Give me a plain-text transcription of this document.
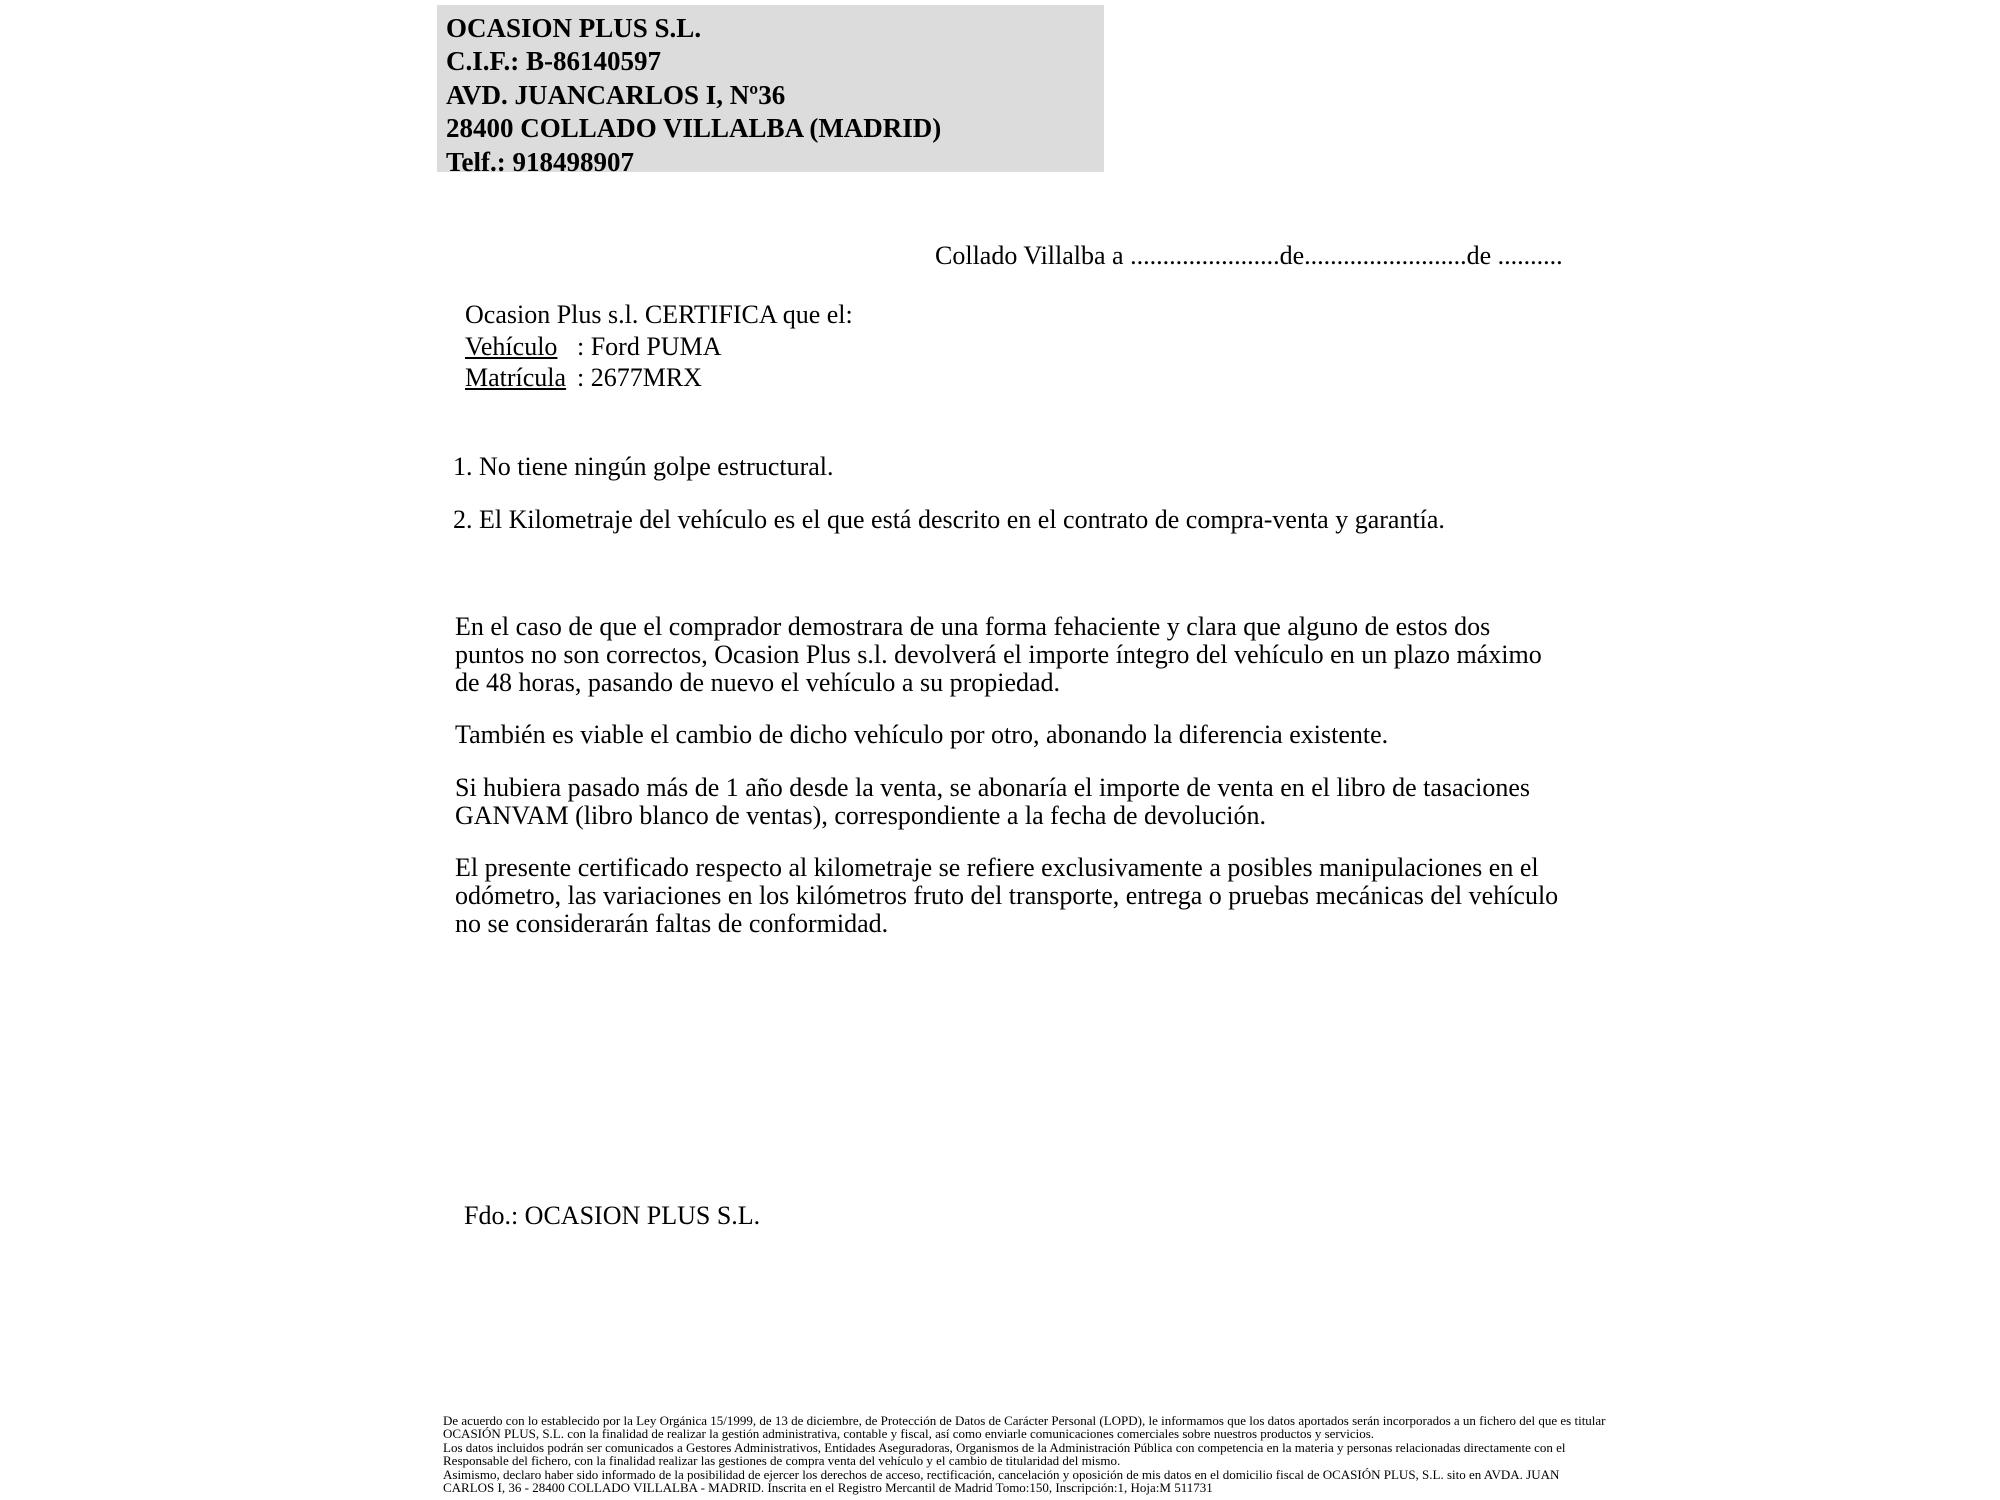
OCASION PLUS S.L.
C.I.F.: B-86140597
AVD. JUANCARLOS I, Nº36
28400 COLLADO VILLALBA (MADRID)
Telf.: 918498907
Collado Villalba a .......................de.........................de ..........
Ocasion Plus s.l. CERTIFICA que el:
Vehículo : Ford PUMA
Matrícula : 2677MRX
1. No tiene ningún golpe estructural.
2. El Kilometraje del vehículo es el que está descrito en el contrato de compra-venta y garantía.
En el caso de que el comprador demostrara de una forma fehaciente y clara que alguno de estos dos puntos no son correctos, Ocasion Plus s.l. devolverá el importe íntegro del vehículo en un plazo máximo de 48 horas, pasando de nuevo el vehículo a su propiedad.
También es viable el cambio de dicho vehículo por otro, abonando la diferencia existente.
Si hubiera pasado más de 1 año desde la venta, se abonaría el importe de venta en el libro de tasaciones GANVAM (libro blanco de ventas), correspondiente a la fecha de devolución.
El presente certificado respecto al kilometraje se refiere exclusivamente a posibles manipulaciones en el odómetro, las variaciones en los kilómetros fruto del transporte, entrega o pruebas mecánicas del vehículo no se considerarán faltas de conformidad.
Fdo.: OCASION PLUS S.L.
De acuerdo con lo establecido por la Ley Orgánica 15/1999, de 13 de diciembre, de Protección de Datos de Carácter Personal (LOPD), le informamos que los datos aportados serán incorporados a un fichero del que es titular
OCASIÓN PLUS, S.L. con la finalidad de realizar la gestión administrativa, contable y fiscal, así como enviarle comunicaciones comerciales sobre nuestros productos y servicios.
Los datos incluidos podrán ser comunicados a Gestores Administrativos, Entidades Aseguradoras, Organismos de la Administración Pública con competencia en la materia y personas relacionadas directamente con el
Responsable del fichero, con la finalidad realizar las gestiones de compra venta del vehículo y el cambio de titularidad del mismo.
Asimismo, declaro haber sido informado de la posibilidad de ejercer los derechos de acceso, rectificación, cancelación y oposición de mis datos en el domicilio fiscal de OCASIÓN PLUS, S.L. sito en AVDA. JUAN
CARLOS I, 36 - 28400 COLLADO VILLALBA - MADRID. Inscrita en el Registro Mercantil de Madrid Tomo:150, Inscripción:1, Hoja:M 511731
